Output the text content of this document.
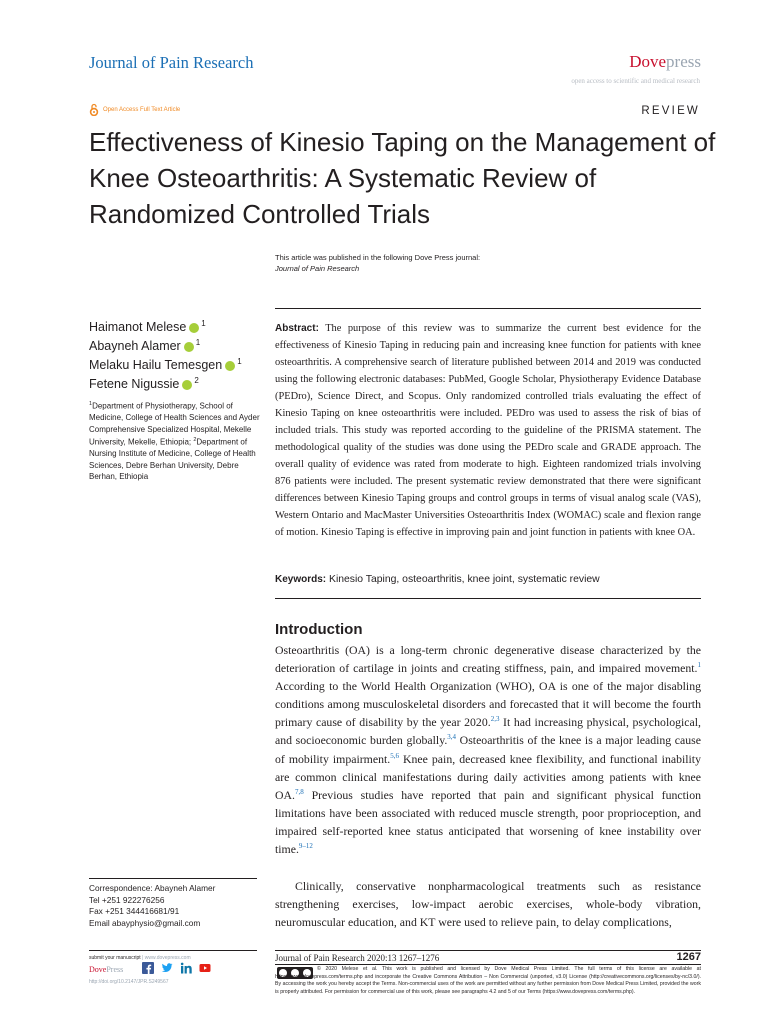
Journal of Pain Research	Dovepress
open access to scientific and medical research
Open Access Full Text Article	REVIEW
Effectiveness of Kinesio Taping on the Management of Knee Osteoarthritis: A Systematic Review of Randomized Controlled Trials
This article was published in the following Dove Press journal:
Journal of Pain Research
Haimanot Melese $^1$
Abayneh Alamer $^1$
Melaku Hailu Temesgen $^1$
Fetene Nigussie $^2$
$^1$Department of Physiotherapy, School of Medicine, College of Health Sciences and Ayder Comprehensive Specialized Hospital, Mekelle University, Mekelle, Ethiopia; $^2$Department of Nursing Institute of Medicine, College of Health Sciences, Debre Berhan University, Debre Berhan, Ethiopia
Abstract: The purpose of this review was to summarize the current best evidence for the effectiveness of Kinesio Taping in reducing pain and increasing knee function for patients with knee osteoarthritis. A comprehensive search of literature published between 2014 and 2019 was conducted using the following electronic databases: PubMed, Google Scholar, Physiotherapy Evidence Database (PEDro), Science Direct, and Scopus. Only randomized controlled trials evaluating the effect of Kinesio Taping on knee osteoarthritis were included. PEDro was used to assess the risk of bias of included trials. This study was reported according to the guideline of the PRISMA statement. The methodological quality of the studies was done using the PEDro scale and GRADE approach. The overall quality of evidence was rated from moderate to high. Eighteen randomized trials involving 876 patients were included. The present systematic review demonstrated that there were significant differences between Kinesio Taping groups and control groups in terms of visual analog scale (VAS), Western Ontario and MacMaster Universities Osteoarthritis Index (WOMAC) scale and flexion range of motion. Kinesio Taping is effective in improving pain and joint function in patients with knee OA.
Keywords: Kinesio Taping, osteoarthritis, knee joint, systematic review
Introduction
Osteoarthritis (OA) is a long-term chronic degenerative disease characterized by the deterioration of cartilage in joints and creating stiffness, pain, and impaired movement.$^1$ According to the World Health Organization (WHO), OA is one of the major disabling conditions among musculoskeletal disorders and forecasted that it will become the fourth primary cause of disability by the year 2020.$^{2,3}$ It had increasing physical, psychological, and socioeconomic burden globally.$^{3,4}$ Osteoarthritis of the knee is a major leading cause of mobility impairment.$^{5,6}$ Knee pain, decreased knee flexibility, and functional inability are common clinical manifestations during daily activities among patients with knee OA.$^{7,8}$ Previous studies have reported that pain and significant physical function limitations have been associated with reduced muscle strength, poor proprioception, and impaired self-reported knee status anticipated that worsening of knee instability over time.$^{9-12}$
Clinically, conservative nonpharmacological treatments such as resistance strengthening exercises, low-impact aerobic exercises, whole-body vibration, neuromuscular education, and KT were used to relieve pain, to delay complications,
Correspondence: Abayneh Alamer
Tel +251 922276256
Fax +251 344416681/91
Email abayphysio@gmail.com
submit your manuscript | www.dovepress.com
DovePress
http://doi.org/10.2147/JPR.S249567
Journal of Pain Research 2020:13 1267–1276	1267
© 2020 Melese et al. This work is published and licensed by Dove Medical Press Limited. The full terms of this license are available at https://www.dovepress.com/terms.php and incorporate the Creative Commons Attribution – Non Commercial (unported, v3.0) License (http://creativecommons.org/licenses/by-nc/3.0/). By accessing the work you hereby accept the Terms. Non-commercial uses of the work are permitted without any further permission from Dove Medical Press Limited, provided the work is properly attributed. For permission for commercial use of this work, please see paragraphs 4.2 and 5 of our Terms (https://www.dovepress.com/terms.php).
